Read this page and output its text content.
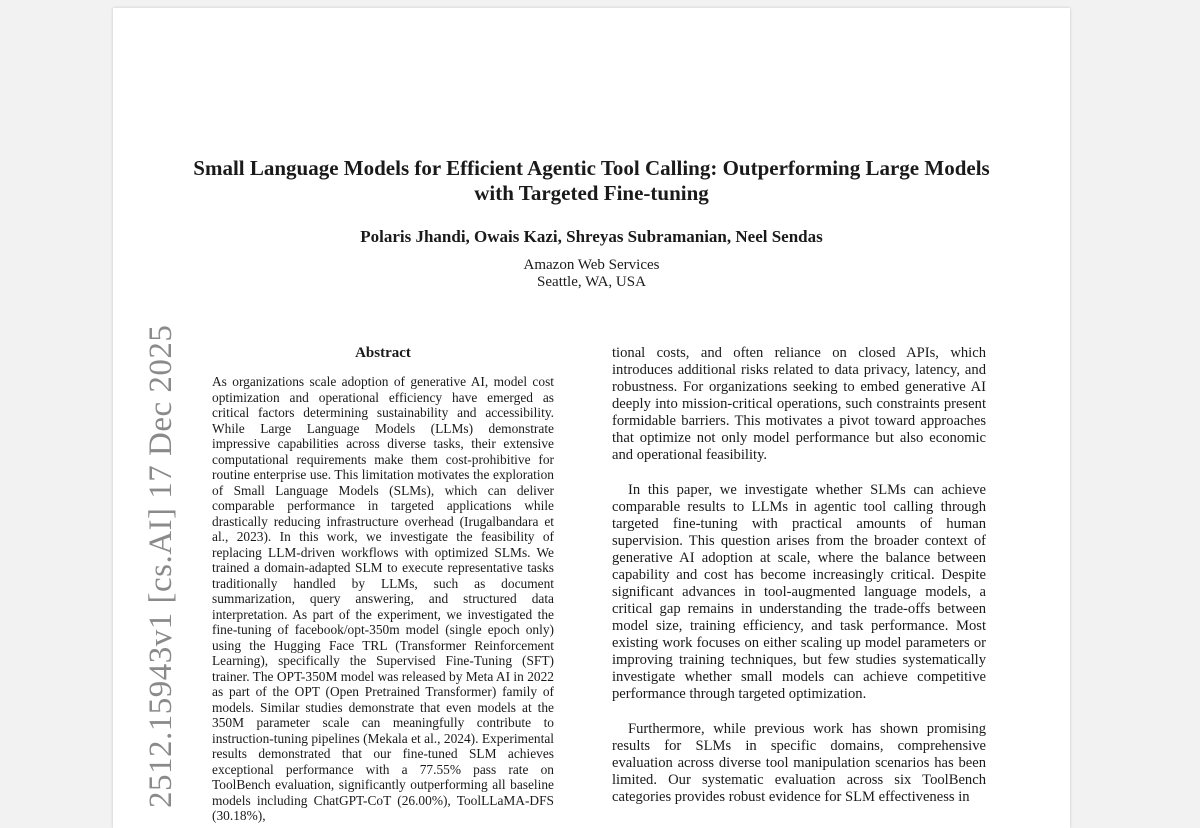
2512.15943v1 [cs.AI] 17 Dec 2025
Small Language Models for Efficient Agentic Tool Calling: Outperforming Large Models with Targeted Fine-tuning
Polaris Jhandi, Owais Kazi, Shreyas Subramanian, Neel Sendas
Amazon Web Services
Seattle, WA, USA
Abstract

As organizations scale adoption of generative AI, model cost optimization and operational efficiency have emerged as critical factors determining sustainability and accessibility. While Large Language Models (LLMs) demonstrate impressive capabilities across diverse tasks, their extensive computational requirements make them cost-prohibitive for routine enterprise use. This limitation motivates the exploration of Small Language Models (SLMs), which can deliver comparable performance in targeted applications while drastically reducing infrastructure overhead (Irugalbandara et al., 2023). In this work, we investigate the feasibility of replacing LLM-driven workflows with optimized SLMs. We trained a domain-adapted SLM to execute representative tasks traditionally handled by LLMs, such as document summarization, query answering, and structured data interpretation. As part of the experiment, we investigated the fine-tuning of facebook/opt-350m model (single epoch only) using the Hugging Face TRL (Transformer Reinforcement Learning), specifically the Supervised Fine-Tuning (SFT) trainer. The OPT-350M model was released by Meta AI in 2022 as part of the OPT (Open Pretrained Transformer) family of models. Similar studies demonstrate that even models at the 350M parameter scale can meaningfully contribute to instruction-tuning pipelines (Mekala et al., 2024). Experimental results demonstrated that our fine-tuned SLM achieves exceptional performance with a 77.55% pass rate on ToolBench evaluation, significantly outperforming all baseline models including ChatGPT-CoT (26.00%), ToolLLaMA-DFS (30.18%),

tional costs, and often reliance on closed APIs, which introduces additional risks related to data privacy, latency, and robustness. For organizations seeking to embed generative AI deeply into mission-critical operations, such constraints present formidable barriers. This motivates a pivot toward approaches that optimize not only model performance but also economic and operational feasibility.

In this paper, we investigate whether SLMs can achieve comparable results to LLMs in agentic tool calling through targeted fine-tuning with practical amounts of human supervision. This question arises from the broader context of generative AI adoption at scale, where the balance between capability and cost has become increasingly critical. Despite significant advances in tool-augmented language models, a critical gap remains in understanding the trade-offs between model size, training efficiency, and task performance. Most existing work focuses on either scaling up model parameters or improving training techniques, but few studies systematically investigate whether small models can achieve competitive performance through targeted optimization.

Furthermore, while previous work has shown promising results for SLMs in specific domains, comprehensive evaluation across diverse tool manipulation scenarios has been limited. Our systematic evaluation across six ToolBench categories provides robust evidence for SLM effectiveness in
